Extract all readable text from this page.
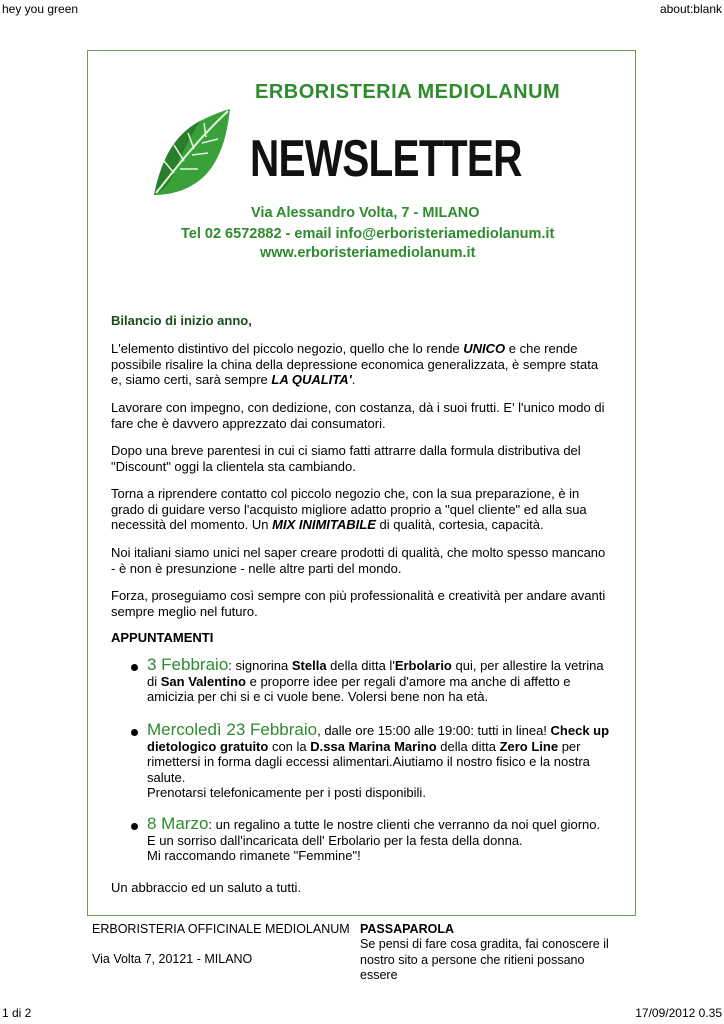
hey you green	about:blank
ERBORISTERIA MEDIOLANUM
NEWSLETTER
Via Alessandro Volta, 7 - MILANO
Tel 02 6572882 - email info@erboristeriamediolanum.it
www.erboristeriamediolanum.it
Bilancio di inizio anno,
L'elemento distintivo del piccolo negozio, quello che lo rende UNICO e che rende possibile risalire la china della depressione economica generalizzata, è sempre stata e, siamo certi, sarà sempre LA QUALITA'.
Lavorare con impegno, con dedizione, con costanza, dà i suoi frutti. E' l'unico modo di fare che è davvero apprezzato dai consumatori.
Dopo una breve parentesi in cui ci siamo fatti attrarre dalla formula distributiva del "Discount" oggi la clientela sta cambiando.
Torna a riprendere contatto col piccolo negozio che, con la sua preparazione, è in grado di guidare verso l'acquisto migliore adatto proprio a "quel cliente" ed alla sua necessità del momento. Un MIX INIMITABILE di qualità, cortesia, capacità.
Noi italiani siamo unici nel saper creare prodotti di qualità, che molto spesso mancano - è non è presunzione - nelle altre parti del mondo.
Forza, proseguiamo così sempre con più professionalità e creatività per andare avanti sempre meglio nel futuro.
APPUNTAMENTI
3 Febbraio: signorina Stella della ditta l'Erbolario qui, per allestire la vetrina di San Valentino e proporre idee per regali d'amore ma anche di affetto e amicizia per chi si e ci vuole bene. Volersi bene non ha età.
Mercoledì 23 Febbraio, dalle ore 15:00 alle 19:00: tutti in linea! Check up dietologico gratuito con la D.ssa Marina Marino della ditta Zero Line per rimettersi in forma dagli eccessi alimentari.Aiutiamo il nostro fisico e la nostra salute.
Prenotarsi telefonicamente per i posti disponibili.
8 Marzo: un regalino a tutte le nostre clienti che verranno da noi quel giorno. E un sorriso dall'incaricata dell' Erbolario per la festa della donna.
Mi raccomando rimanete "Femmine"!
Un abbraccio ed un saluto a tutti.
ERBORISTERIA OFFICINALE MEDIOLANUM
Via Volta 7, 20121 - MILANO
PASSAPAROLA
Se pensi di fare cosa gradita, fai conoscere il nostro sito a persone che ritieni possano essere
1 di 2	17/09/2012 0.35
